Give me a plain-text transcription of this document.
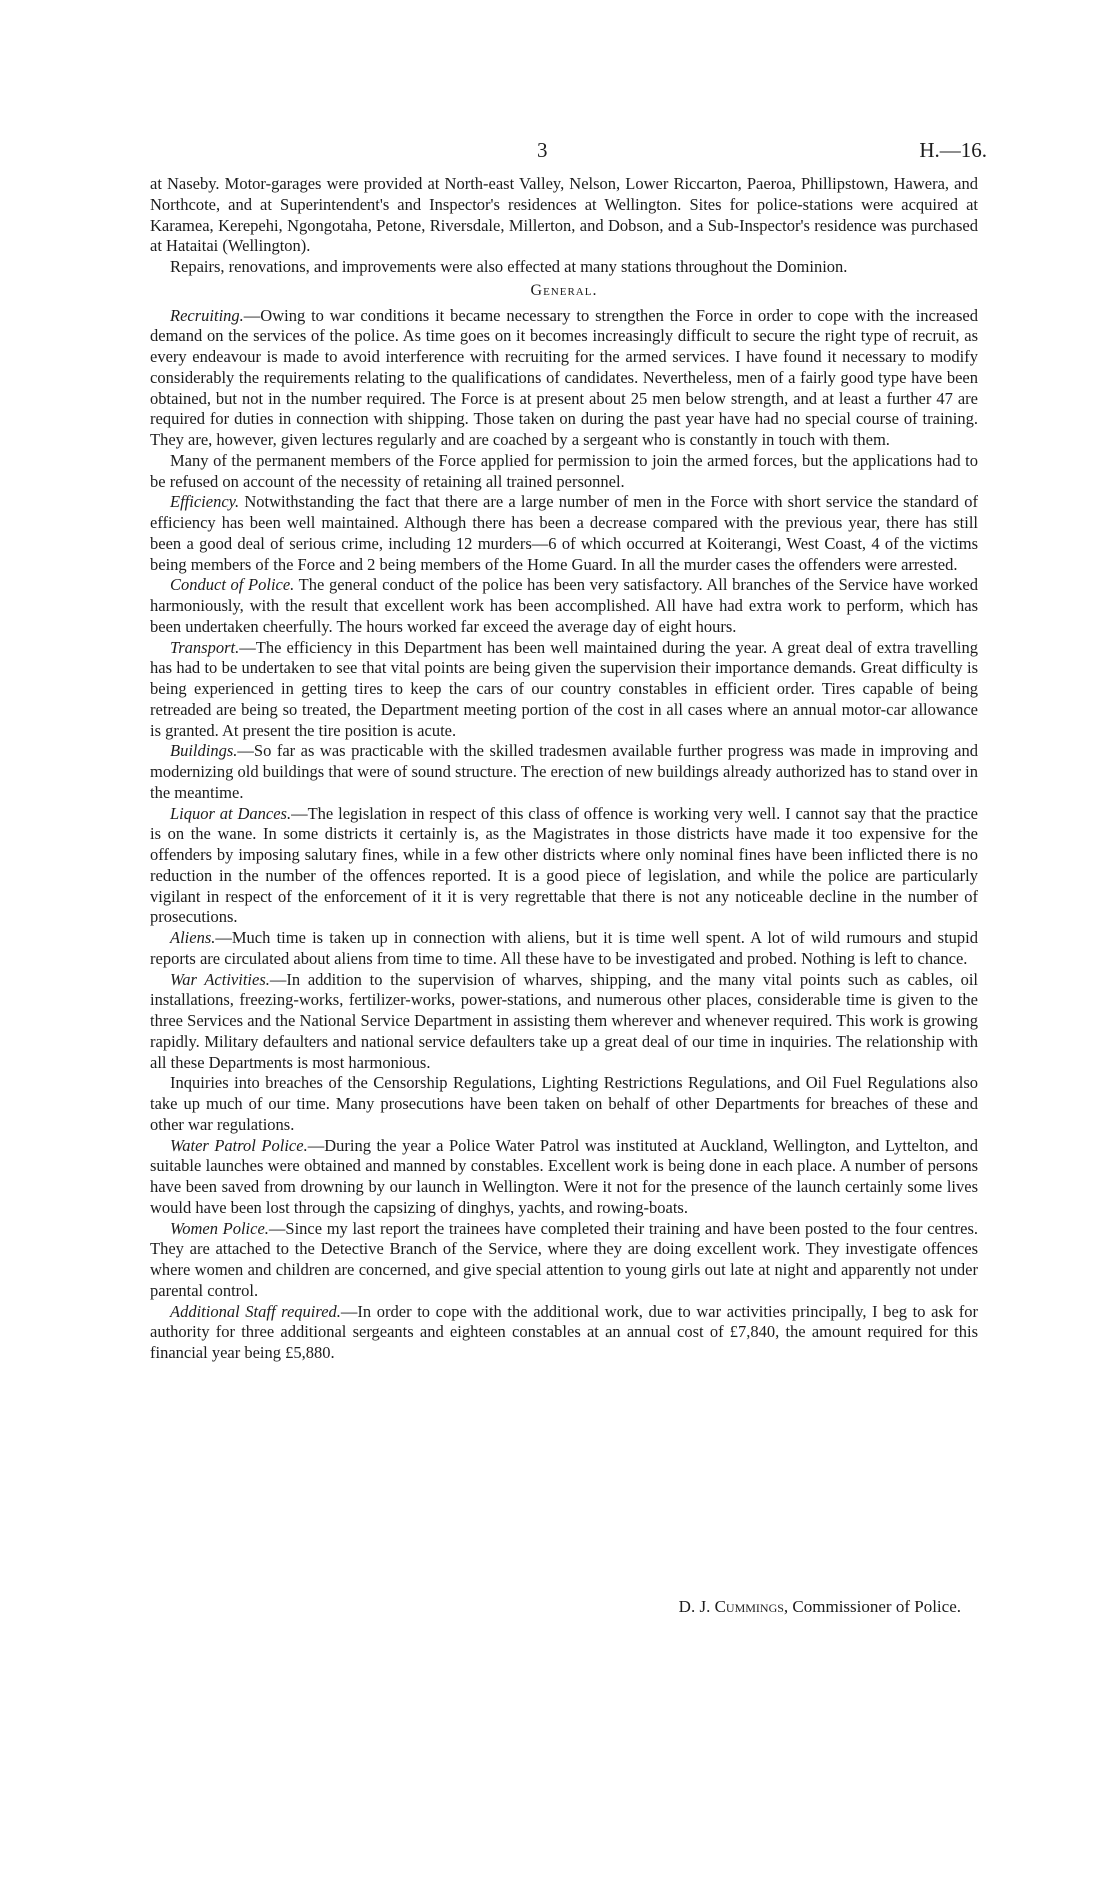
3	H.—16.

at Naseby. Motor-garages were provided at North-east Valley, Nelson, Lower Riccarton, Paeroa, Phillipstown, Hawera, and Northcote, and at Superintendent's and Inspector's residences at Wellington. Sites for police-stations were acquired at Karamea, Kerepehi, Ngongotaha, Petone, Riversdale, Millerton, and Dobson, and a Sub-Inspector's residence was purchased at Hataitai (Wellington).

Repairs, renovations, and improvements were also effected at many stations throughout the Dominion.

General.

Recruiting.—Owing to war conditions it became necessary to strengthen the Force in order to cope with the increased demand on the services of the police. As time goes on it becomes increasingly difficult to secure the right type of recruit, as every endeavour is made to avoid interference with recruiting for the armed services. I have found it necessary to modify considerably the requirements relating to the qualifications of candidates. Nevertheless, men of a fairly good type have been obtained, but not in the number required. The Force is at present about 25 men below strength, and at least a further 47 are required for duties in connection with shipping. Those taken on during the past year have had no special course of training. They are, however, given lectures regularly and are coached by a sergeant who is constantly in touch with them.

Many of the permanent members of the Force applied for permission to join the armed forces, but the applications had to be refused on account of the necessity of retaining all trained personnel.

Efficiency. Notwithstanding the fact that there are a large number of men in the Force with short service the standard of efficiency has been well maintained. Although there has been a decrease compared with the previous year, there has still been a good deal of serious crime, including 12 murders—6 of which occurred at Koiterangi, West Coast, 4 of the victims being members of the Force and 2 being members of the Home Guard. In all the murder cases the offenders were arrested.

Conduct of Police. The general conduct of the police has been very satisfactory. All branches of the Service have worked harmoniously, with the result that excellent work has been accomplished. All have had extra work to perform, which has been undertaken cheerfully. The hours worked far exceed the average day of eight hours.

Transport.—The efficiency in this Department has been well maintained during the year. A great deal of extra travelling has had to be undertaken to see that vital points are being given the supervision their importance demands. Great difficulty is being experienced in getting tires to keep the cars of our country constables in efficient order. Tires capable of being retreaded are being so treated, the Department meeting portion of the cost in all cases where an annual motor-car allowance is granted. At present the tire position is acute.

Buildings.—So far as was practicable with the skilled tradesmen available further progress was made in improving and modernizing old buildings that were of sound structure. The erection of new buildings already authorized has to stand over in the meantime.

Liquor at Dances.—The legislation in respect of this class of offence is working very well. I cannot say that the practice is on the wane. In some districts it certainly is, as the Magistrates in those districts have made it too expensive for the offenders by imposing salutary fines, while in a few other districts where only nominal fines have been inflicted there is no reduction in the number of the offences reported. It is a good piece of legislation, and while the police are particularly vigilant in respect of the enforcement of it it is very regrettable that there is not any noticeable decline in the number of prosecutions.

Aliens.—Much time is taken up in connection with aliens, but it is time well spent. A lot of wild rumours and stupid reports are circulated about aliens from time to time. All these have to be investigated and probed. Nothing is left to chance.

War Activities.—In addition to the supervision of wharves, shipping, and the many vital points such as cables, oil installations, freezing-works, fertilizer-works, power-stations, and numerous other places, considerable time is given to the three Services and the National Service Department in assisting them wherever and whenever required. This work is growing rapidly. Military defaulters and national service defaulters take up a great deal of our time in inquiries. The relationship with all these Departments is most harmonious.

Inquiries into breaches of the Censorship Regulations, Lighting Restrictions Regulations, and Oil Fuel Regulations also take up much of our time. Many prosecutions have been taken on behalf of other Departments for breaches of these and other war regulations.

Water Patrol Police.—During the year a Police Water Patrol was instituted at Auckland, Wellington, and Lyttelton, and suitable launches were obtained and manned by constables. Excellent work is being done in each place. A number of persons have been saved from drowning by our launch in Wellington. Were it not for the presence of the launch certainly some lives would have been lost through the capsizing of dinghys, yachts, and rowing-boats.

Women Police.—Since my last report the trainees have completed their training and have been posted to the four centres. They are attached to the Detective Branch of the Service, where they are doing excellent work. They investigate offences where women and children are concerned, and give special attention to young girls out late at night and apparently not under parental control.

Additional Staff required.—In order to cope with the additional work, due to war activities principally, I beg to ask for authority for three additional sergeants and eighteen constables at an annual cost of £7,840, the amount required for this financial year being £5,880.

D. J. Cummings, Commissioner of Police.
